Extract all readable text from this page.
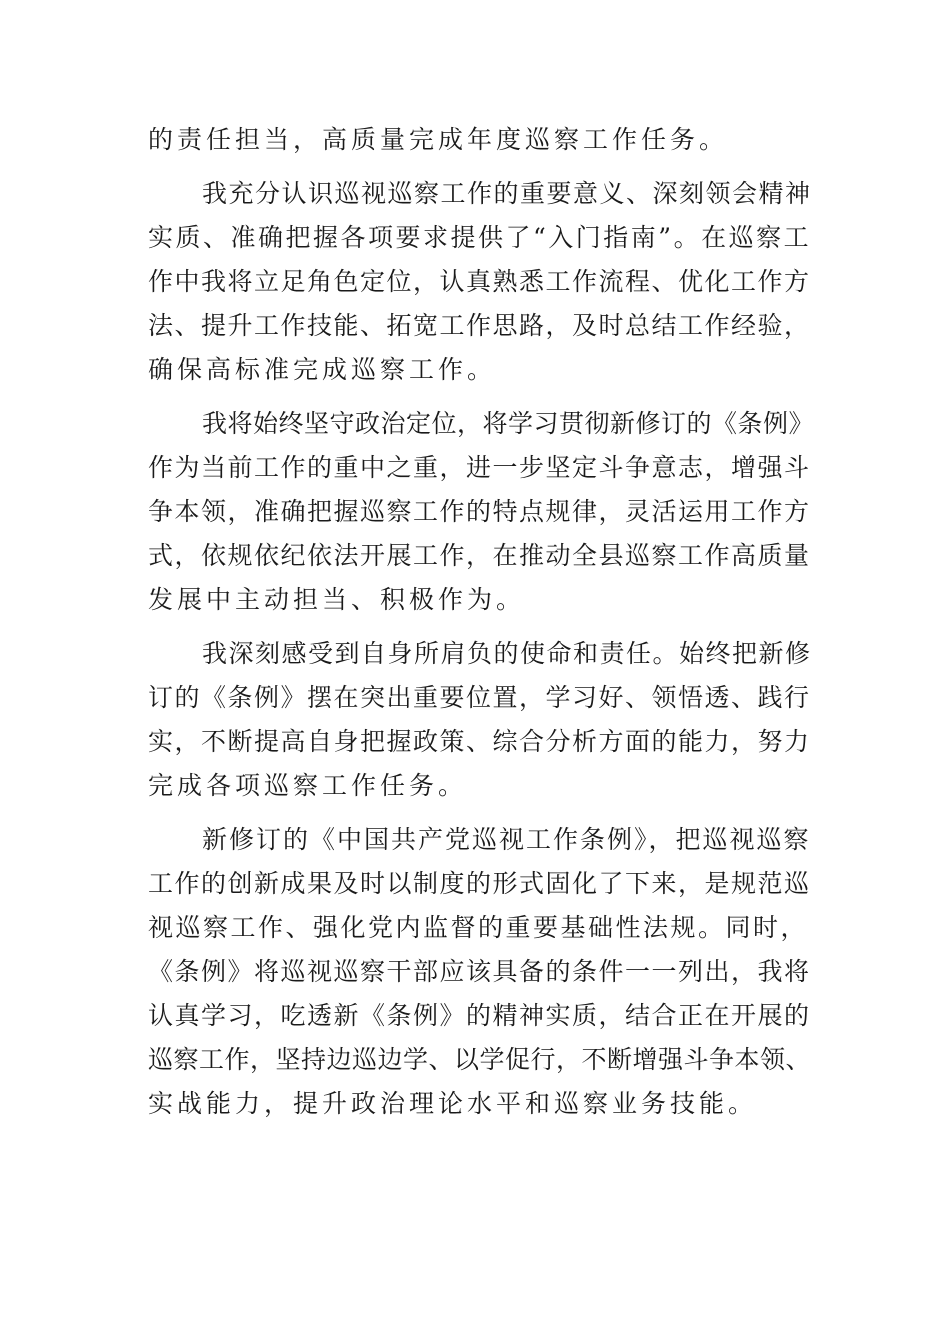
的责任担当，高质量完成年度巡察工作任务。

我充分认识巡视巡察工作的重要意义、深刻领会精神
实质、准确把握各项要求提供了“入门指南”。在巡察工
作中我将立足角色定位，认真熟悉工作流程、优化工作方
法、提升工作技能、拓宽工作思路，及时总结工作经验，
确保高标准完成巡察工作。

我将始终坚守政治定位，将学习贯彻新修订的《条例》
作为当前工作的重中之重，进一步坚定斗争意志，增强斗
争本领，准确把握巡察工作的特点规律，灵活运用工作方
式，依规依纪依法开展工作，在推动全县巡察工作高质量
发展中主动担当、积极作为。

我深刻感受到自身所肩负的使命和责任。始终把新修
订的《条例》摆在突出重要位置，学习好、领悟透、践行
实，不断提高自身把握政策、综合分析方面的能力，努力
完成各项巡察工作任务。

新修订的《中国共产党巡视工作条例》，把巡视巡察
工作的创新成果及时以制度的形式固化了下来，是规范巡
视巡察工作、强化党内监督的重要基础性法规。同时，
《条例》将巡视巡察干部应该具备的条件一一列出，我将
认真学习，吃透新《条例》的精神实质，结合正在开展的
巡察工作，坚持边巡边学、以学促行，不断增强斗争本领、
实战能力，提升政治理论水平和巡察业务技能。
